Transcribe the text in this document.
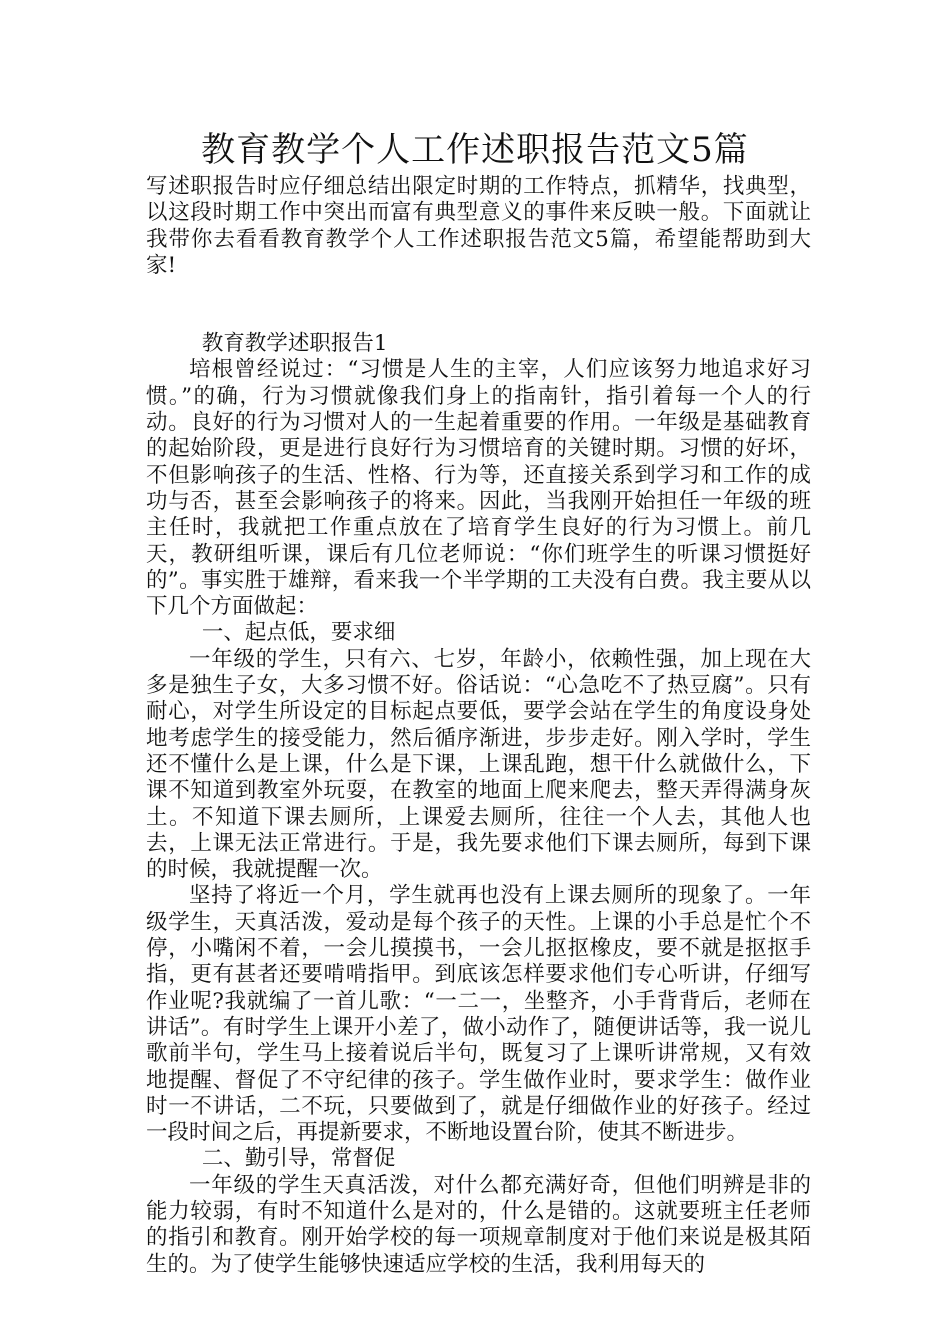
教育教学个人工作述职报告范文5篇

写述职报告时应仔细总结出限定时期的工作特点，抓精华，找典型，以这段时期工作中突出而富有典型意义的事件来反映一般。下面就让我带你去看看教育教学个人工作述职报告范文5篇，希望能帮助到大家!

教育教学述职报告1

培根曾经说过：“习惯是人生的主宰，人们应该努力地追求好习惯。”的确，行为习惯就像我们身上的指南针，指引着每一个人的行动。良好的行为习惯对人的一生起着重要的作用。一年级是基础教育的起始阶段，更是进行良好行为习惯培育的关键时期。习惯的好坏，不但影响孩子的生活、性格、行为等，还直接关系到学习和工作的成功与否，甚至会影响孩子的将来。因此，当我刚开始担任一年级的班主任时，我就把工作重点放在了培育学生良好的行为习惯上。前几天，教研组听课，课后有几位老师说：“你们班学生的听课习惯挺好的”。事实胜于雄辩，看来我一个半学期的工夫没有白费。我主要从以下几个方面做起：

一、起点低，要求细

一年级的学生，只有六、七岁，年龄小，依赖性强，加上现在大多是独生子女，大多习惯不好。俗话说：“心急吃不了热豆腐”。只有耐心，对学生所设定的目标起点要低，要学会站在学生的角度设身处地考虑学生的接受能力，然后循序渐进，步步走好。刚入学时，学生还不懂什么是上课，什么是下课，上课乱跑，想干什么就做什么，下课不知道到教室外玩耍，在教室的地面上爬来爬去，整天弄得满身灰土。不知道下课去厕所，上课爱去厕所，往往一个人去，其他人也去，上课无法正常进行。于是，我先要求他们下课去厕所，每到下课的时候，我就提醒一次。

坚持了将近一个月，学生就再也没有上课去厕所的现象了。一年级学生，天真活泼，爱动是每个孩子的天性。上课的小手总是忙个不停，小嘴闲不着，一会儿摸摸书，一会儿抠抠橡皮，要不就是抠抠手指，更有甚者还要啃啃指甲。到底该怎样要求他们专心听讲，仔细写作业呢?我就编了一首儿歌：“一二一，坐整齐，小手背背后，老师在讲话”。有时学生上课开小差了，做小动作了，随便讲话等，我一说儿歌前半句，学生马上接着说后半句，既复习了上课听讲常规，又有效地提醒、督促了不守纪律的孩子。学生做作业时，要求学生：做作业时一不讲话，二不玩，只要做到了，就是仔细做作业的好孩子。经过一段时间之后，再提新要求，不断地设置台阶，使其不断进步。

二、勤引导，常督促

一年级的学生天真活泼，对什么都充满好奇，但他们明辨是非的能力较弱，有时不知道什么是对的，什么是错的。这就要班主任老师的指引和教育。刚开始学校的每一项规章制度对于他们来说是极其陌生的。为了使学生能够快速适应学校的生活，我利用每天的
